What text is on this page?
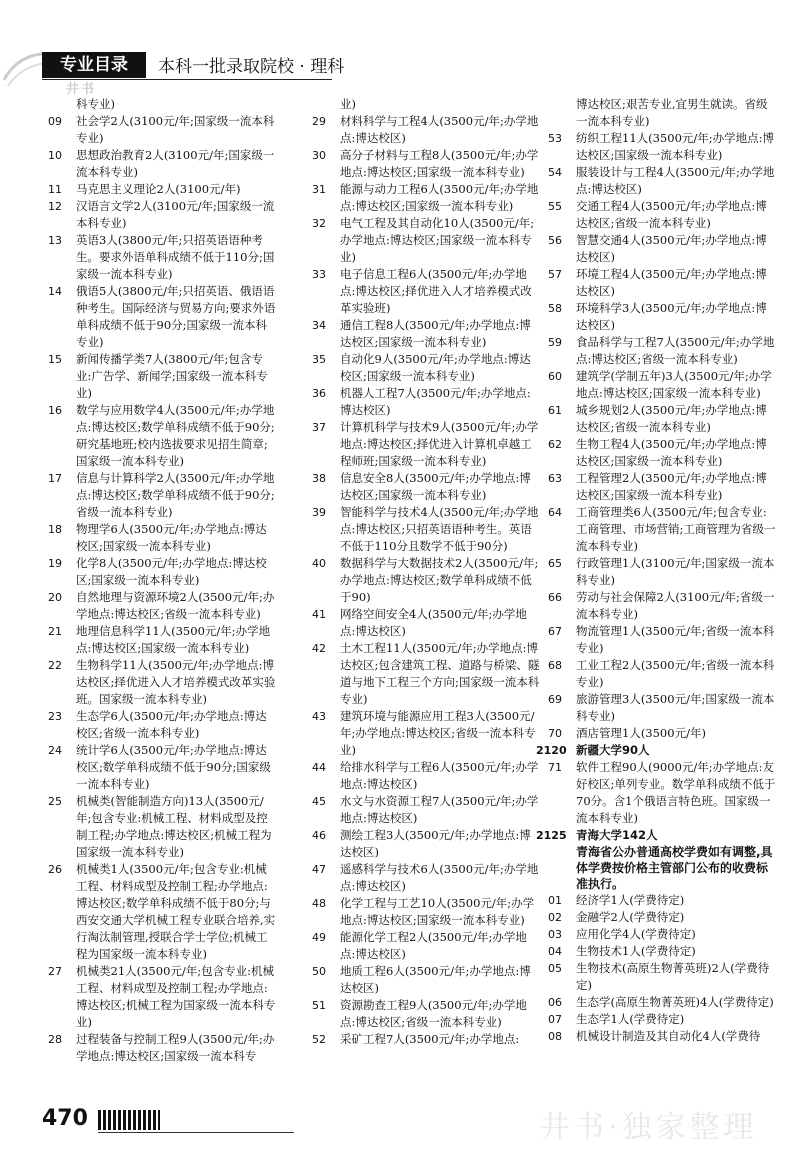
专业目录
井书
本科一批录取院校 · 理科
科专业)
09	社会学2人(3100元/年;国家级一流本科专业)
10	思想政治教育2人(3100元/年;国家级一流本科专业)
11	马克思主义理论2人(3100元/年)
12	汉语言文学2人(3100元/年;国家级一流本科专业)
13	英语3人(3800元/年;只招英语语种考生。要求外语单科成绩不低于110分;国家级一流本科专业)
14	俄语5人(3800元/年;只招英语、俄语语种考生。国际经济与贸易方向;要求外语单科成绩不低于90分;国家级一流本科专业)
15	新闻传播学类7人(3800元/年;包含专业:广告学、新闻学;国家级一流本科专业)
16	数学与应用数学4人(3500元/年;办学地点:博达校区;数学单科成绩不低于90分;研究基地班;校内选拔要求见招生简章;国家级一流本科专业)
17	信息与计算科学2人(3500元/年;办学地点:博达校区;数学单科成绩不低于90分;省级一流本科专业)
18	物理学6人(3500元/年;办学地点:博达校区;国家级一流本科专业)
19	化学8人(3500元/年;办学地点:博达校区;国家级一流本科专业)
20	自然地理与资源环境2人(3500元/年;办学地点:博达校区;省级一流本科专业)
21	地理信息科学11人(3500元/年;办学地点:博达校区;国家级一流本科专业)
22	生物科学11人(3500元/年;办学地点:博达校区;择优进入人才培养模式改革实验班。国家级一流本科专业)
23	生态学6人(3500元/年;办学地点:博达校区;省级一流本科专业)
24	统计学6人(3500元/年;办学地点:博达校区;数学单科成绩不低于90分;国家级一流本科专业)
25	机械类(智能制造方向)13人(3500元/年;包含专业:机械工程、材料成型及控制工程;办学地点:博达校区;机械工程为国家级一流本科专业)
26	机械类1人(3500元/年;包含专业:机械工程、材料成型及控制工程;办学地点:博达校区;数学单科成绩不低于80分;与西安交通大学机械工程专业联合培养,实行淘汰制管理,授联合学士学位;机械工程为国家级一流本科专业)
27	机械类21人(3500元/年;包含专业:机械工程、材料成型及控制工程;办学地点:博达校区;机械工程为国家级一流本科专业)
28	过程装备与控制工程9人(3500元/年;办学地点:博达校区;国家级一流本科专
业)
29	材料科学与工程4人(3500元/年;办学地点:博达校区)
30	高分子材料与工程8人(3500元/年;办学地点:博达校区;国家级一流本科专业)
31	能源与动力工程6人(3500元/年;办学地点:博达校区;国家级一流本科专业)
32	电气工程及其自动化10人(3500元/年;办学地点:博达校区;国家级一流本科专业)
33	电子信息工程6人(3500元/年;办学地点:博达校区;择优进入人才培养模式改革实验班)
34	通信工程8人(3500元/年;办学地点:博达校区;国家级一流本科专业)
35	自动化9人(3500元/年;办学地点:博达校区;国家级一流本科专业)
36	机器人工程7人(3500元/年;办学地点:博达校区)
37	计算机科学与技术9人(3500元/年;办学地点:博达校区;择优进入计算机卓越工程师班;国家级一流本科专业)
38	信息安全8人(3500元/年;办学地点:博达校区;国家级一流本科专业)
39	智能科学与技术4人(3500元/年;办学地点:博达校区;只招英语语种考生。英语不低于110分且数学不低于90分)
40	数据科学与大数据技术2人(3500元/年;办学地点:博达校区;数学单科成绩不低于90)
41	网络空间安全4人(3500元/年;办学地点:博达校区)
42	土木工程11人(3500元/年;办学地点:博达校区;包含建筑工程、道路与桥梁、隧道与地下工程三个方向;国家级一流本科专业)
43	建筑环境与能源应用工程3人(3500元/年;办学地点:博达校区;省级一流本科专业)
44	给排水科学与工程6人(3500元/年;办学地点:博达校区)
45	水文与水资源工程7人(3500元/年;办学地点:博达校区)
46	测绘工程3人(3500元/年;办学地点:博达校区)
47	遥感科学与技术6人(3500元/年;办学地点:博达校区)
48	化学工程与工艺10人(3500元/年;办学地点:博达校区;国家级一流本科专业)
49	能源化学工程2人(3500元/年;办学地点:博达校区)
50	地质工程6人(3500元/年;办学地点:博达校区)
51	资源勘查工程9人(3500元/年;办学地点:博达校区;省级一流本科专业)
52	采矿工程7人(3500元/年;办学地点:
博达校区;艰苦专业,宜男生就读。省级一流本科专业)
53	纺织工程11人(3500元/年;办学地点:博达校区;国家级一流本科专业)
54	服装设计与工程4人(3500元/年;办学地点:博达校区)
55	交通工程4人(3500元/年;办学地点:博达校区;省级一流本科专业)
56	智慧交通4人(3500元/年;办学地点:博达校区)
57	环境工程4人(3500元/年;办学地点:博达校区)
58	环境科学3人(3500元/年;办学地点:博达校区)
59	食品科学与工程7人(3500元/年;办学地点:博达校区;省级一流本科专业)
60	建筑学(学制五年)3人(3500元/年;办学地点:博达校区;国家级一流本科专业)
61	城乡规划2人(3500元/年;办学地点:博达校区;省级一流本科专业)
62	生物工程4人(3500元/年;办学地点:博达校区;国家级一流本科专业)
63	工程管理2人(3500元/年;办学地点:博达校区;国家级一流本科专业)
64	工商管理类6人(3500元/年;包含专业:工商管理、市场营销;工商管理为省级一流本科专业)
65	行政管理1人(3100元/年;国家级一流本科专业)
66	劳动与社会保障2人(3100元/年;省级一流本科专业)
67	物流管理1人(3500元/年;省级一流本科专业)
68	工业工程2人(3500元/年;省级一流本科专业)
69	旅游管理3人(3500元/年;国家级一流本科专业)
70	酒店管理1人(3500元/年)
2120 新疆大学90人
71	软件工程90人(9000元/年;办学地点:友好校区;单列专业。数学单科成绩不低于70分。含1个俄语言特色班。国家级一流本科专业)
2125 青海大学142人
青海省公办普通高校学费如有调整,具体学费按价格主管部门公布的收费标准执行。
01	经济学1人(学费待定)
02	金融学2人(学费待定)
03	应用化学4人(学费待定)
04	生物技术1人(学费待定)
05	生物技术(高原生物菁英班)2人(学费待定)
06	生态学(高原生物菁英班)4人(学费待定)
07	生态学1人(学费待定)
08	机械设计制造及其自动化4人(学费待
470	井书·独家整理
